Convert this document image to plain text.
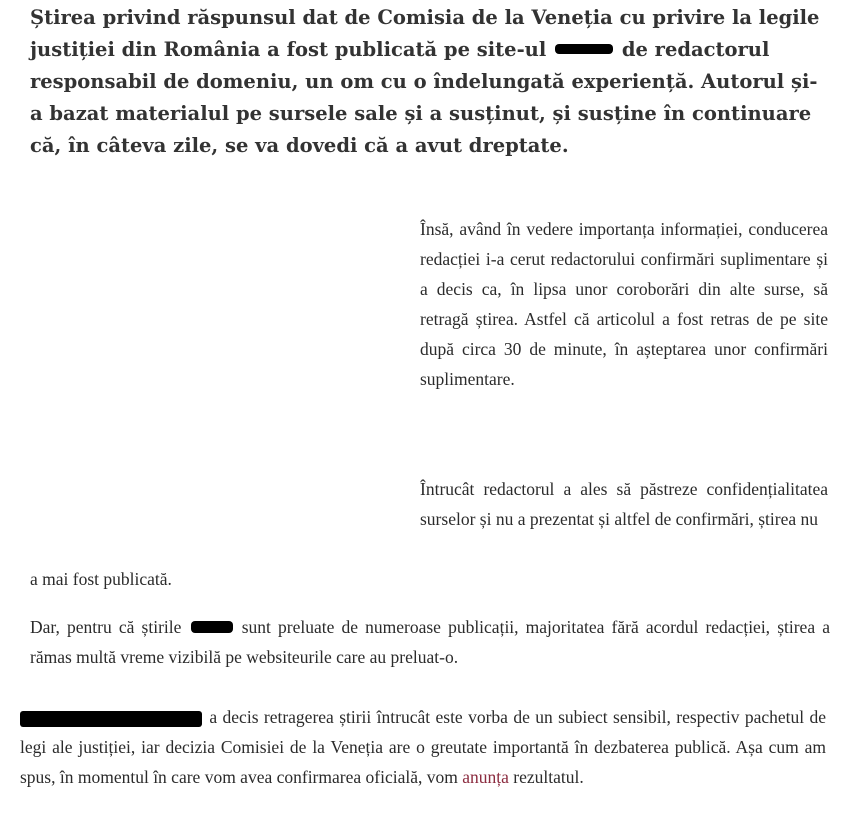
Știrea privind răspunsul dat de Comisia de la Veneția cu privire la legile justiției din România a fost publicată pe site-ul	de redactorul responsabil de domeniu, un om cu o îndelungată experiență. Autorul și-a bazat materialul pe sursele sale și a susținut, și susține în continuare că, în câteva zile, se va dovedi că a avut dreptate.
Însă, având în vedere importanța informației, conducerea redacției i-a cerut redactorului confirmări suplimentare și a decis ca, în lipsa unor coroborări din alte surse, să retragă știrea. Astfel că articolul a fost retras de pe site după circa 30 de minute, în așteptarea unor confirmări suplimentare.
Întrucât redactorul a ales să păstreze confidențialitatea surselor și nu a prezentat și altfel de confirmări, știrea nu
a mai fost publicată.
Dar, pentru că știrile	sunt preluate de numeroase publicații, majoritatea fără acordul redacției, știrea a rămas multă vreme vizibilă pe websiteurile care au preluat-o.
a decis retragerea știrii întrucât este vorba de un subiect sensibil, respectiv pachetul de legi ale justiției, iar decizia Comisiei de la Veneția are o greutate importantă în dezbaterea publică. Așa cum am spus, în momentul în care vom avea confirmarea oficială, vom anunța rezultatul.
